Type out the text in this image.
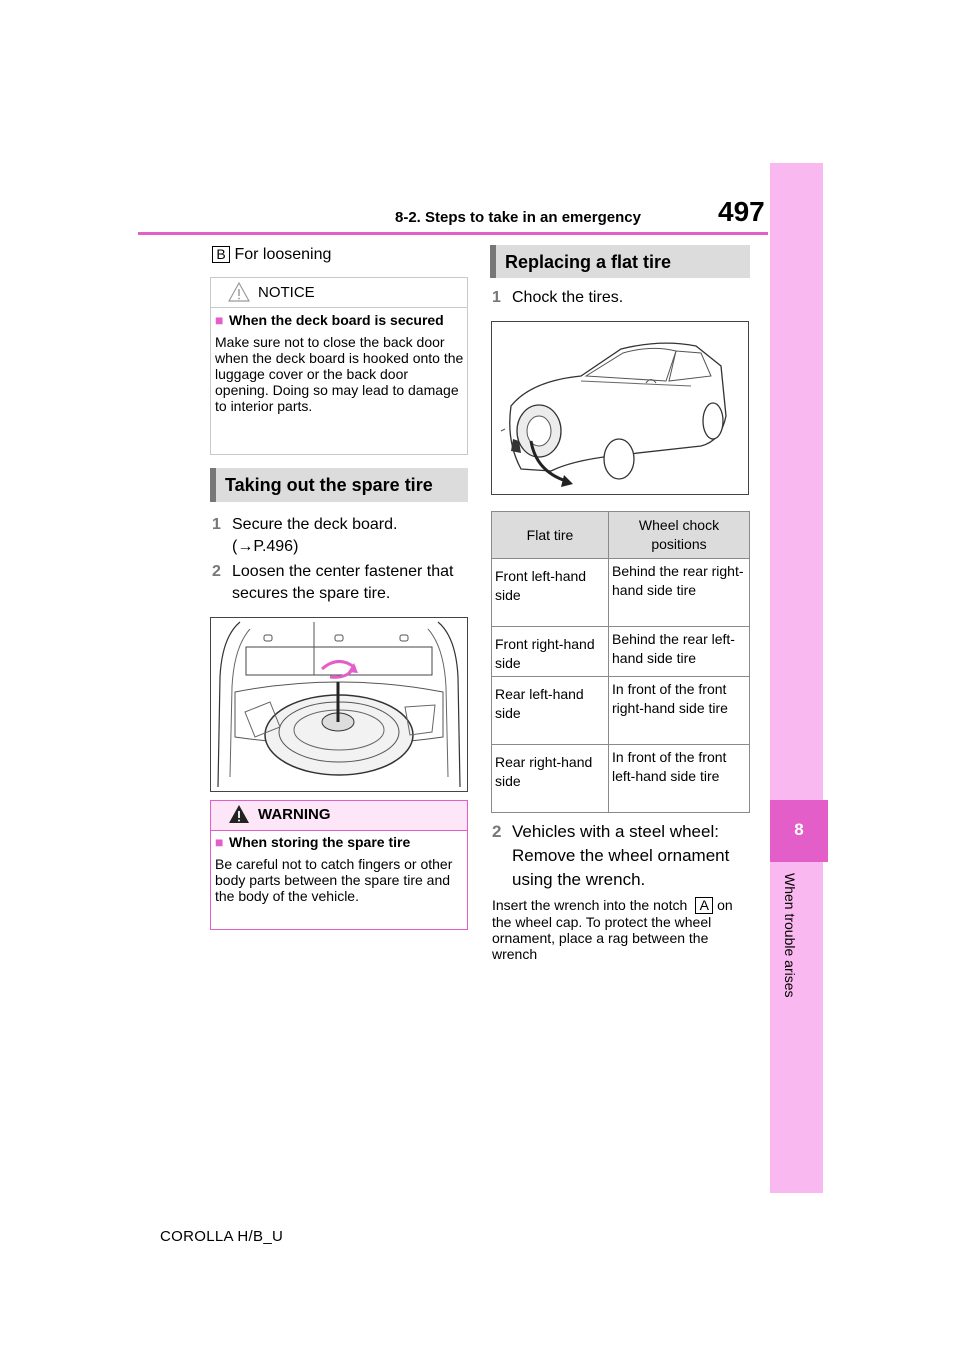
8-2. Steps to take in an emergency	497
8
When trouble arises
B For loosening
NOTICE
■ When the deck board is secured
Make sure not to close the back door when the deck board is hooked onto the luggage cover or the back door opening. Doing so may lead to damage to interior parts.
Taking out the spare tire
1 Secure the deck board. (→P.496)
2 Loosen the center fastener that secures the spare tire.
WARNING
■ When storing the spare tire
Be careful not to catch fingers or other body parts between the spare tire and the body of the vehicle.
Replacing a flat tire
1 Chock the tires.
Flat tire	Wheel chock positions
Front left-hand side	Behind the rear right-hand side tire
Front right-hand side	Behind the rear left-hand side tire
Rear left-hand side	In front of the front right-hand side tire
Rear right-hand side	In front of the front left-hand side tire
2 Vehicles with a steel wheel: Remove the wheel ornament using the wrench.
Insert the wrench into the notch A on the wheel cap. To protect the wheel ornament, place a rag between the wrench
COROLLA H/B_U
